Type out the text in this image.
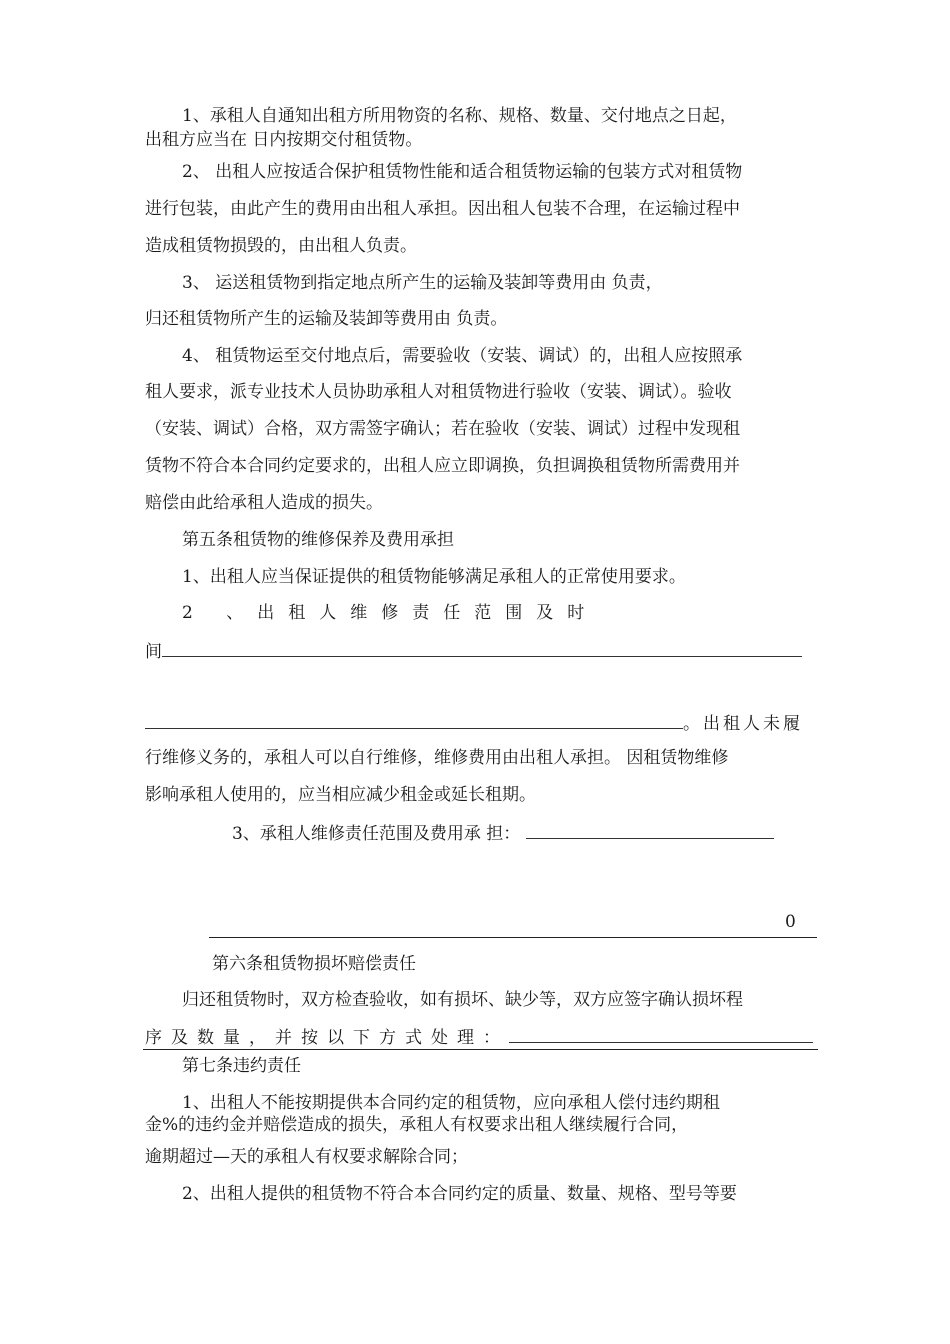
1、承租人自通知出租方所用物资的名称、规格、数量、交付地点之日起，
出租方应当在 日内按期交付租赁物。
2、 出租人应按适合保护租赁物性能和适合租赁物运输的包装方式对租赁物
进行包装，由此产生的费用由出租人承担。因出租人包装不合理，在运输过程中
造成租赁物损毁的，由出租人负责。
3、 运送租赁物到指定地点所产生的运输及装卸等费用由 负责，
归还租赁物所产生的运输及装卸等费用由 负责。
4、 租赁物运至交付地点后，需要验收（安装、调试）的，出租人应按照承
租人要求，派专业技术人员协助承租人对租赁物进行验收（安装、调试）。验收
（安装、调试）合格，双方需签字确认；若在验收（安装、调试）过程中发现租
赁物不符合本合同约定要求的，出租人应立即调换，负担调换租赁物所需费用并
赔偿由此给承租人造成的损失。
第五条租赁物的维修保养及费用承担
1、出租人应当保证提供的租赁物能够满足承租人的正常使用要求。
2 、出租人维修责任范围及时
间
。出租人未履
行维修义务的，承租人可以自行维修，维修费用由出租人承担。 因租赁物维修
影响承租人使用的，应当相应减少租金或延长租期。
3、承租人维修责任范围及费用承 担：
0
第六条租赁物损坏赔偿责任
归还租赁物时，双方检查验收，如有损坏、缺少等，双方应签字确认损坏程
序及数量，并按以下方式处理：
第七条违约责任
1、出租人不能按期提供本合同约定的租赁物，应向承租人偿付违约期租
金%的违约金并赔偿造成的损失，承租人有权要求出租人继续履行合同，
逾期超过—天的承租人有权要求解除合同；
2、出租人提供的租赁物不符合本合同约定的质量、数量、规格、型号等要
